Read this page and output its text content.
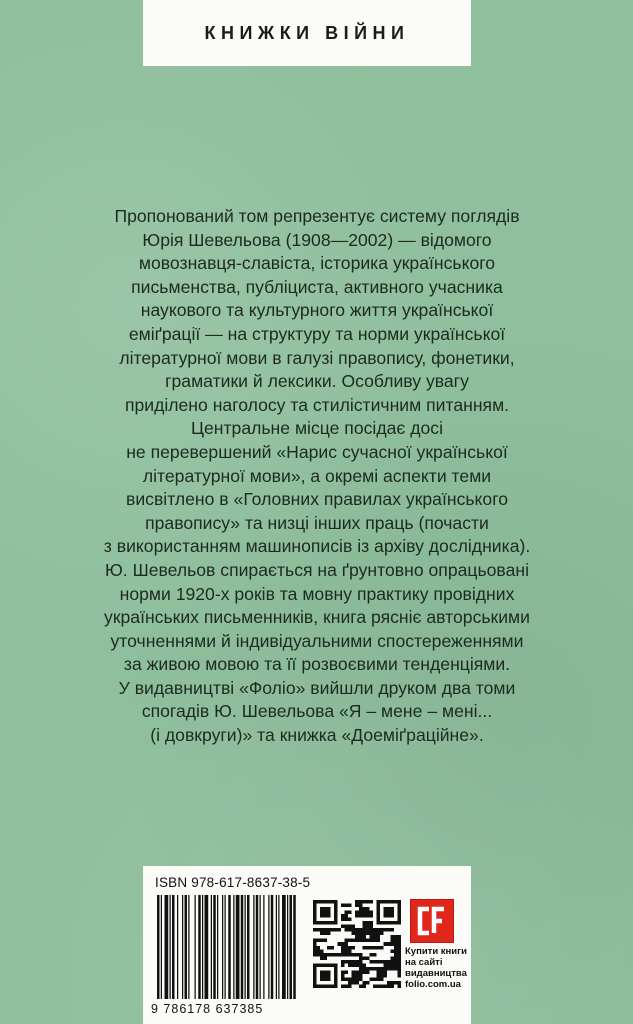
КНИЖКИ ВІЙНИ
Пропонований том репрезентує систему поглядів
Юрія Шевельова (1908—2002) — відомого
мовознавця-славіста, історика українського
письменства, публіциста, активного учасника
наукового та культурного життя української
еміґрації — на структуру та норми української
літературної мови в галузі правопису, фонетики,
граматики й лексики. Особливу увагу
приділено наголосу та стилістичним питанням.
Центральне місце посідає досі
не перевершений «Нарис сучасної української
літературної мови», а окремі аспекти теми
висвітлено в «Головних правилах українського
правопису» та низці інших праць (почасти
з використанням машинописів із архіву дослідника).
Ю. Шевельов спирається на ґрунтовно опрацьовані
норми 1920-х років та мовну практику провідних
українських письменників, книга рясніє авторськими
уточненнями й індивідуальними спостереженнями
за живою мовою та її розвоєвими тенденціями.
У видавництві «Фоліо» вийшли друком два томи
спогадів Ю. Шевельова «Я – мене – мені...
(і довкруги)» та книжка «Доеміґраційне».
ISBN 978-617-8637-38-5
9 786178 637385
Купити книги
на сайті
видавництва
folio.com.ua
